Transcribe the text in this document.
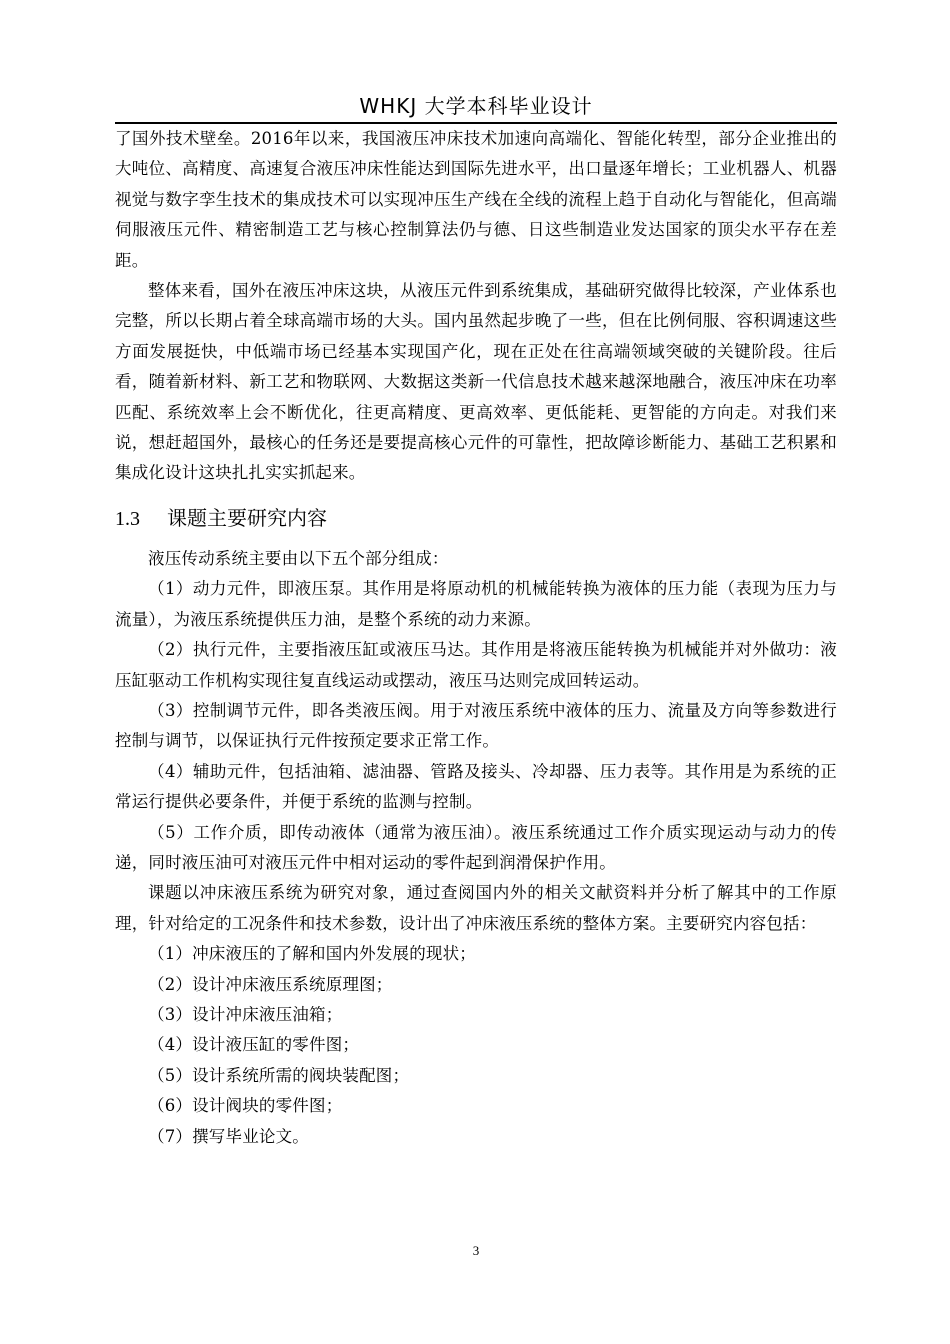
WHKJ 大学本科毕业设计

了国外技术壁垒。2016年以来，我国液压冲床技术加速向高端化、智能化转型，部分企业推出的大吨位、高精度、高速复合液压冲床性能达到国际先进水平，出口量逐年增长；工业机器人、机器视觉与数字孪生技术的集成技术可以实现冲压生产线在全线的流程上趋于自动化与智能化，但高端伺服液压元件、精密制造工艺与核心控制算法仍与德、日这些制造业发达国家的顶尖水平存在差距。

整体来看，国外在液压冲床这块，从液压元件到系统集成，基础研究做得比较深，产业体系也完整，所以长期占着全球高端市场的大头。国内虽然起步晚了一些，但在比例伺服、容积调速这些方面发展挺快，中低端市场已经基本实现国产化，现在正处在往高端领域突破的关键阶段。往后看，随着新材料、新工艺和物联网、大数据这类新一代信息技术越来越深地融合，液压冲床在功率匹配、系统效率上会不断优化，往更高精度、更高效率、更低能耗、更智能的方向走。对我们来说，想赶超国外，最核心的任务还是要提高核心元件的可靠性，把故障诊断能力、基础工艺积累和集成化设计这块扎扎实实抓起来。

1.3 课题主要研究内容

液压传动系统主要由以下五个部分组成：

（1）动力元件，即液压泵。其作用是将原动机的机械能转换为液体的压力能（表现为压力与流量），为液压系统提供压力油，是整个系统的动力来源。

（2）执行元件，主要指液压缸或液压马达。其作用是将液压能转换为机械能并对外做功：液压缸驱动工作机构实现往复直线运动或摆动，液压马达则完成回转运动。

（3）控制调节元件，即各类液压阀。用于对液压系统中液体的压力、流量及方向等参数进行控制与调节，以保证执行元件按预定要求正常工作。

（4）辅助元件，包括油箱、滤油器、管路及接头、冷却器、压力表等。其作用是为系统的正常运行提供必要条件，并便于系统的监测与控制。

（5）工作介质，即传动液体（通常为液压油）。液压系统通过工作介质实现运动与动力的传递，同时液压油可对液压元件中相对运动的零件起到润滑保护作用。

课题以冲床液压系统为研究对象，通过查阅国内外的相关文献资料并分析了解其中的工作原理，针对给定的工况条件和技术参数，设计出了冲床液压系统的整体方案。主要研究内容包括：

（1）冲床液压的了解和国内外发展的现状；

（2）设计冲床液压系统原理图；

（3）设计冲床液压油箱；

（4）设计液压缸的零件图；

（5）设计系统所需的阀块装配图；

（6）设计阀块的零件图；

（7）撰写毕业论文。

3
